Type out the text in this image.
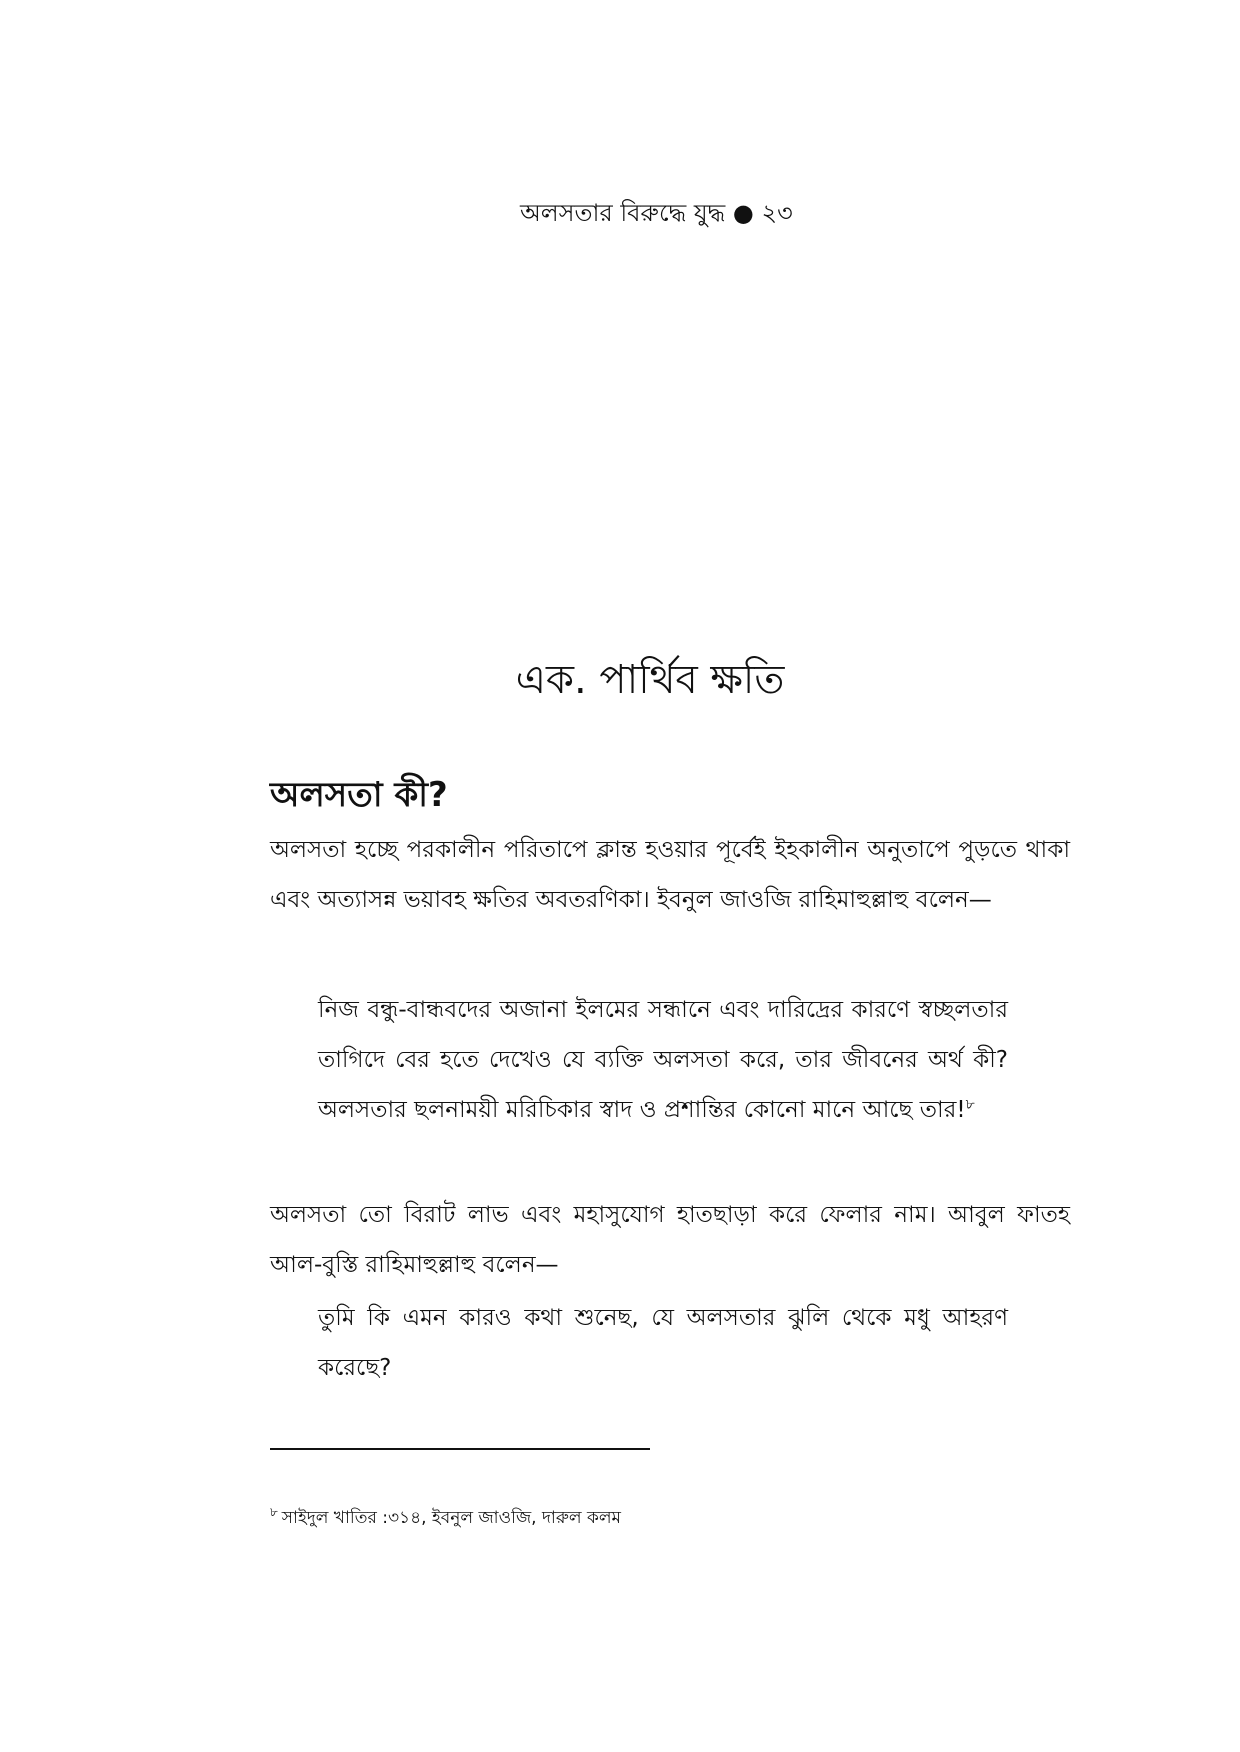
অলসতার বিরুদ্ধে যুদ্ধ ● ২৩
এক. পার্থিব ক্ষতি
অলসতা কী?

অলসতা হচ্ছে পরকালীন পরিতাপে ক্লান্ত হওয়ার পূর্বেই ইহকালীন অনুতাপে পুড়তে থাকা এবং অত্যাসন্ন ভয়াবহ ক্ষতির অবতরণিকা। ইবনুল জাওজি রাহিমাহুল্লাহু বলেন—

নিজ বন্ধু-বান্ধবদের অজানা ইলমের সন্ধানে এবং দারিদ্রের কারণে স্বচ্ছলতার তাগিদে বের হতে দেখেও যে ব্যক্তি অলসতা করে, তার জীবনের অর্থ কী? অলসতার ছলনাময়ী মরিচিকার স্বাদ ও প্রশান্তির কোনো মানে আছে তার!$^৮$

অলসতা তো বিরাট লাভ এবং মহাসুযোগ হাতছাড়া করে ফেলার নাম। আবুল ফাতহ আল-বুস্তি রাহিমাহুল্লাহু বলেন—

তুমি কি এমন কারও কথা শুনেছ, যে অলসতার ঝুলি থেকে মধু আহরণ করেছে?

$^৮$ সাইদুল খাতির :৩১৪, ইবনুল জাওজি, দারুল কলম
